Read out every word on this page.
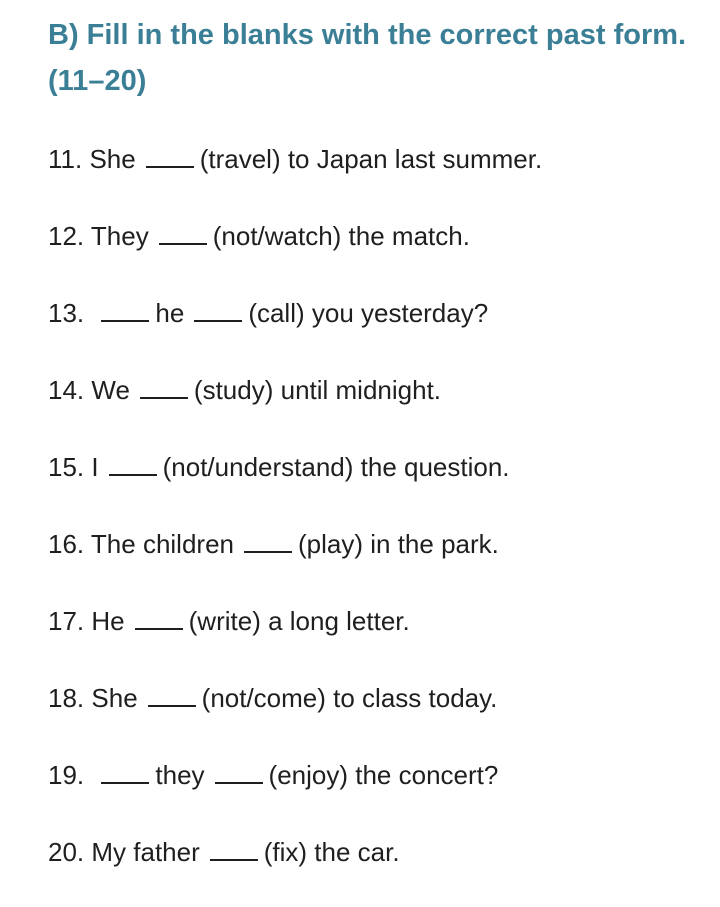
B) Fill in the blanks with the correct past form. (11–20)
11. She (travel) to Japan last summer.
12. They (not/watch) the match.
13.	he (call) you yesterday?
14. We (study) until midnight.
15. I (not/understand) the question.
16. The children (play) in the park.
17. He (write) a long letter.
18. She (not/come) to class today.
19.	they (enjoy) the concert?
20. My father (fix) the car.
